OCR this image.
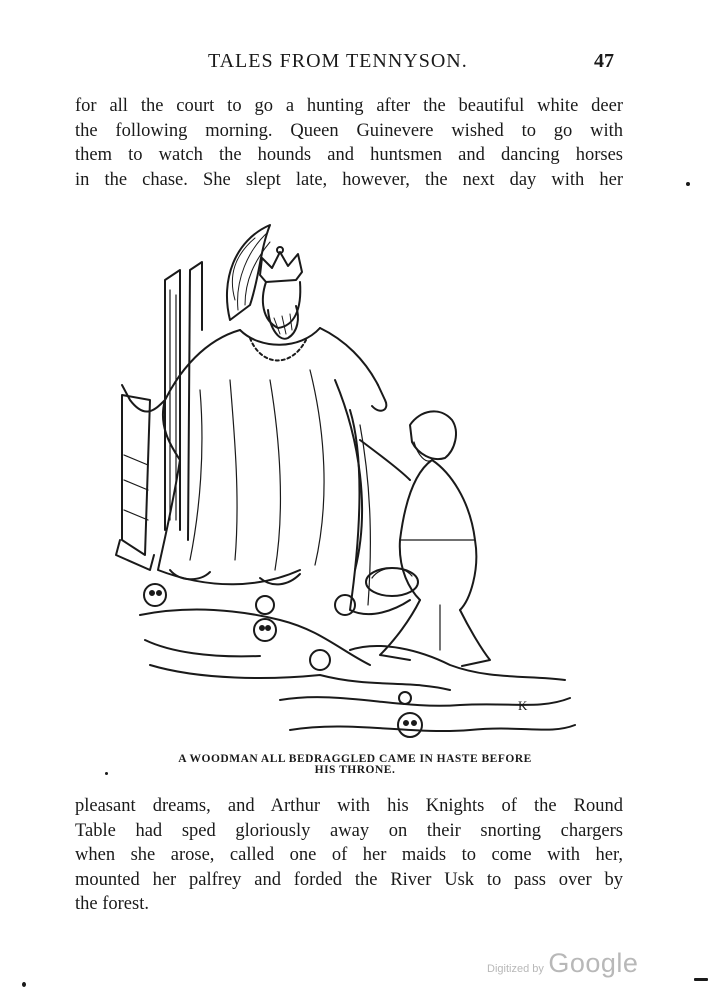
TALES FROM TENNYSON.	47

for all the court to go a hunting after the beautiful white deer

the following morning. Queen Guinevere wished to go with

them to watch the hounds and huntsmen and dancing horses

in the chase. She slept late, however, the next day with her

K
A WOODMAN ALL BEDRAGGLED CAME IN HASTE BEFORE
HIS THRONE.

pleasant dreams, and Arthur with his Knights of the Round

Table had sped gloriously away on their snorting chargers

when she arose, called one of her maids to come with her,

mounted her palfrey and forded the River Usk to pass over by

the forest.

Digitized by Google
